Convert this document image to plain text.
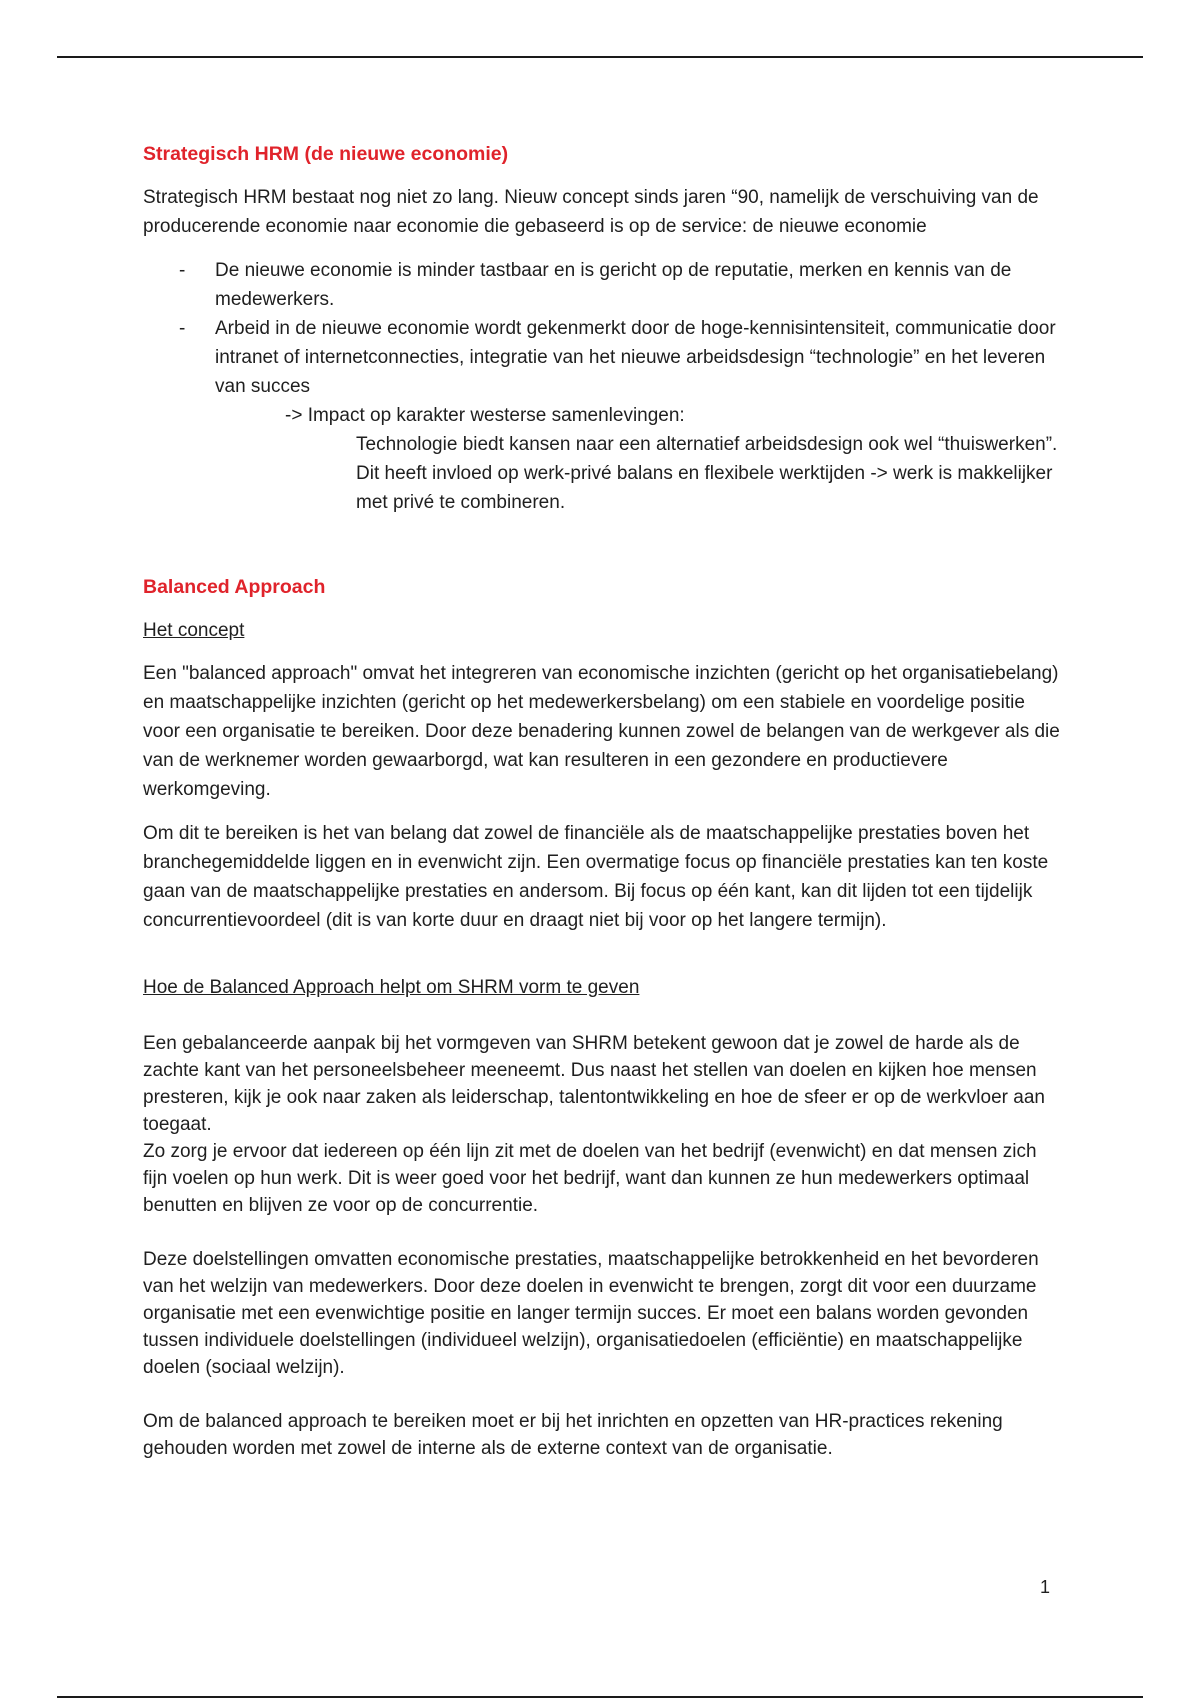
Strategisch HRM (de nieuwe economie)

Strategisch HRM bestaat nog niet zo lang. Nieuw concept sinds jaren “90, namelijk de verschuiving van de producerende economie naar economie die gebaseerd is op de service: de nieuwe economie

- De nieuwe economie is minder tastbaar en is gericht op de reputatie, merken en kennis van de medewerkers.
- Arbeid in de nieuwe economie wordt gekenmerkt door de hoge-kennisintensiteit, communicatie door intranet of internetconnecties, integratie van het nieuwe arbeidsdesign “technologie” en het leveren van succes
-> Impact op karakter westerse samenlevingen:
Technologie biedt kansen naar een alternatief arbeidsdesign ook wel “thuiswerken”. Dit heeft invloed op werk-privé balans en flexibele werktijden -> werk is makkelijker met privé te combineren.
Balanced Approach
Het concept

Een "balanced approach" omvat het integreren van economische inzichten (gericht op het organisatiebelang) en maatschappelijke inzichten (gericht op het medewerkersbelang) om een stabiele en voordelige positie voor een organisatie te bereiken. Door deze benadering kunnen zowel de belangen van de werkgever als die van de werknemer worden gewaarborgd, wat kan resulteren in een gezondere en productievere werkomgeving.

Om dit te bereiken is het van belang dat zowel de financiële als de maatschappelijke prestaties boven het branchegemiddelde liggen en in evenwicht zijn. Een overmatige focus op financiële prestaties kan ten koste gaan van de maatschappelijke prestaties en andersom. Bij focus op één kant, kan dit lijden tot een tijdelijk concurrentievoordeel (dit is van korte duur en draagt niet bij voor op het langere termijn).

Hoe de Balanced Approach helpt om SHRM vorm te geven

Een gebalanceerde aanpak bij het vormgeven van SHRM betekent gewoon dat je zowel de harde als de zachte kant van het personeelsbeheer meeneemt. Dus naast het stellen van doelen en kijken hoe mensen presteren, kijk je ook naar zaken als leiderschap, talentontwikkeling en hoe de sfeer er op de werkvloer aan toegaat.

Zo zorg je ervoor dat iedereen op één lijn zit met de doelen van het bedrijf (evenwicht) en dat mensen zich fijn voelen op hun werk. Dit is weer goed voor het bedrijf, want dan kunnen ze hun medewerkers optimaal benutten en blijven ze voor op de concurrentie.

Deze doelstellingen omvatten economische prestaties, maatschappelijke betrokkenheid en het bevorderen van het welzijn van medewerkers. Door deze doelen in evenwicht te brengen, zorgt dit voor een duurzame organisatie met een evenwichtige positie en langer termijn succes. Er moet een balans worden gevonden tussen individuele doelstellingen (individueel welzijn), organisatiedoelen (efficiëntie) en maatschappelijke doelen (sociaal welzijn).

Om de balanced approach te bereiken moet er bij het inrichten en opzetten van HR-practices rekening gehouden worden met zowel de interne als de externe context van de organisatie.

1
